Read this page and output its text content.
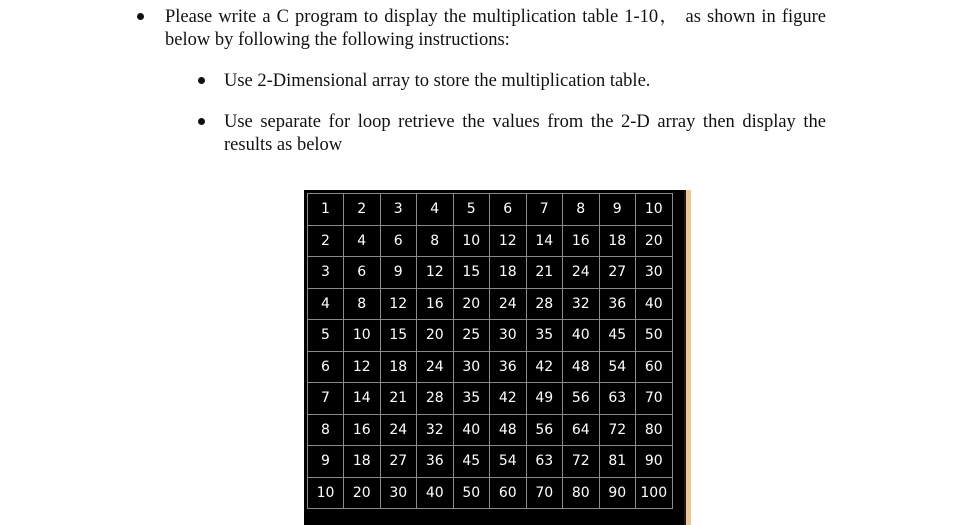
Please write a C program to display the multiplication table 1-10， as shown in figure below by following the following instructions:

Use 2-Dimensional array to store the multiplication table.

Use separate for loop retrieve the values from the 2-D array then display the results as below

1	2	3	4	5	6	7	8	9	10
2	4	6	8	10	12	14	16	18	20
3	6	9	12	15	18	21	24	27	30
4	8	12	16	20	24	28	32	36	40
5	10	15	20	25	30	35	40	45	50
6	12	18	24	30	36	42	48	54	60
7	14	21	28	35	42	49	56	63	70
8	16	24	32	40	48	56	64	72	80
9	18	27	36	45	54	63	72	81	90
10	20	30	40	50	60	70	80	90	100
